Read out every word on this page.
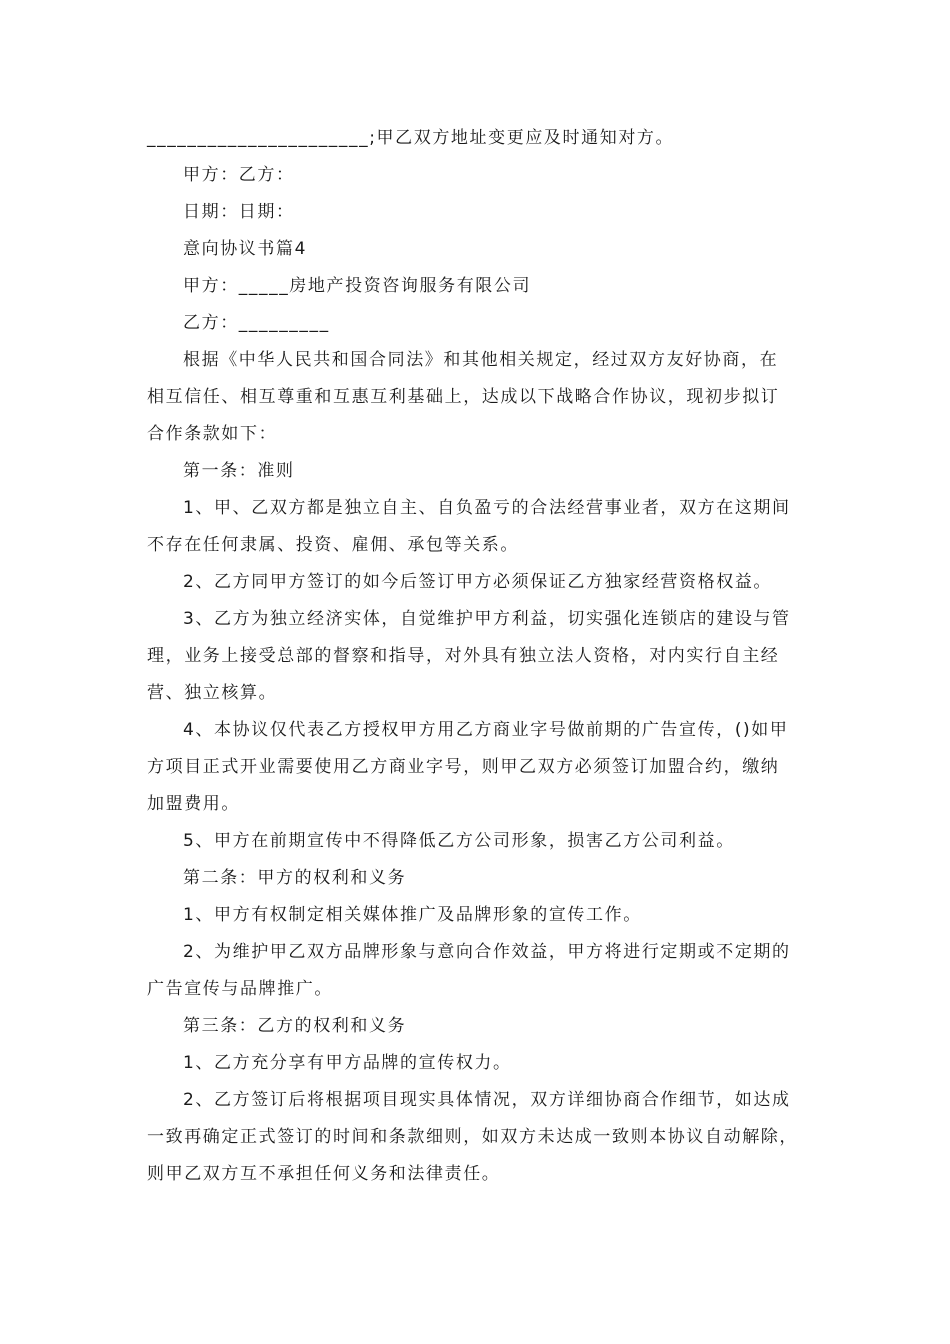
______________________;甲乙双方地址变更应及时通知对方。

甲方：乙方：

日期：日期：

意向协议书篇4

甲方：_____房地产投资咨询服务有限公司

乙方：_________

根据《中华人民共和国合同法》和其他相关规定，经过双方友好协商，在
相互信任、相互尊重和互惠互利基础上，达成以下战略合作协议，现初步拟订
合作条款如下：

第一条：准则

1、甲、乙双方都是独立自主、自负盈亏的合法经营事业者，双方在这期间
不存在任何隶属、投资、雇佣、承包等关系。

2、乙方同甲方签订的如今后签订甲方必须保证乙方独家经营资格权益。

3、乙方为独立经济实体，自觉维护甲方利益，切实强化连锁店的建设与管
理，业务上接受总部的督察和指导，对外具有独立法人资格，对内实行自主经
营、独立核算。
4、本协议仅代表乙方授权甲方用乙方商业字号做前期的广告宣传，()如甲
方项目正式开业需要使用乙方商业字号，则甲乙双方必须签订加盟合约，缴纳
加盟费用。

5、甲方在前期宣传中不得降低乙方公司形象，损害乙方公司利益。

第二条：甲方的权利和义务

1、甲方有权制定相关媒体推广及品牌形象的宣传工作。

2、为维护甲乙双方品牌形象与意向合作效益，甲方将进行定期或不定期的
广告宣传与品牌推广。

第三条：乙方的权利和义务

1、乙方充分享有甲方品牌的宣传权力。

2、乙方签订后将根据项目现实具体情况，双方详细协商合作细节，如达成
一致再确定正式签订的时间和条款细则，如双方未达成一致则本协议自动解除，
则甲乙双方互不承担任何义务和法律责任。
